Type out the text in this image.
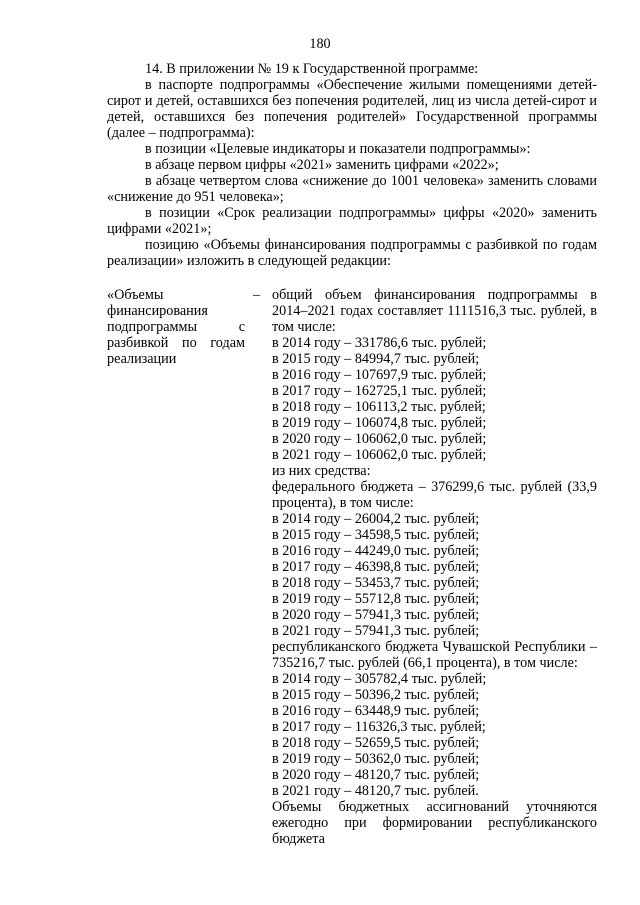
180

14. В приложении № 19 к Государственной программе:

в паспорте подпрограммы «Обеспечение жилыми помещениями детей-сирот и детей, оставшихся без попечения родителей, лиц из числа детей-сирот и детей, оставшихся без попечения родителей» Государственной программы (далее – подпрограмма):

в позиции «Целевые индикаторы и показатели подпрограммы»:

в абзаце первом цифры «2021» заменить цифрами «2022»;

в абзаце четвертом слова «снижение до 1001 человека» заменить словами «снижение до 951 человека»;

в позиции «Срок реализации подпрограммы» цифры «2020» заменить цифрами «2021»;

позицию «Объемы финансирования подпрограммы с разбивкой по годам реализации» изложить в следующей редакции:

«Объемы финансирования подпрограммы с разбивкой по годам реализации
– общий объем финансирования подпрограммы в 2014–2021 годах составляет 1111516,3 тыс. рублей, в том числе:

в 2014 году – 331786,6 тыс. рублей;
в 2015 году – 84994,7 тыс. рублей;
в 2016 году – 107697,9 тыс. рублей;
в 2017 году – 162725,1 тыс. рублей;
в 2018 году – 106113,2 тыс. рублей;
в 2019 году – 106074,8 тыс. рублей;
в 2020 году – 106062,0 тыс. рублей;
в 2021 году – 106062,0 тыс. рублей;
из них средства:

федерального бюджета – 376299,6 тыс. рублей (33,9 процента), в том числе:

в 2014 году – 26004,2 тыс. рублей;
в 2015 году – 34598,5 тыс. рублей;
в 2016 году – 44249,0 тыс. рублей;
в 2017 году – 46398,8 тыс. рублей;
в 2018 году – 53453,7 тыс. рублей;
в 2019 году – 55712,8 тыс. рублей;
в 2020 году – 57941,3 тыс. рублей;
в 2021 году – 57941,3 тыс. рублей;

республиканского бюджета Чувашской Республики – 735216,7 тыс. рублей (66,1 процента), в том числе:

в 2014 году – 305782,4 тыс. рублей;
в 2015 году – 50396,2 тыс. рублей;
в 2016 году – 63448,9 тыс. рублей;
в 2017 году – 116326,3 тыс. рублей;
в 2018 году – 52659,5 тыс. рублей;
в 2019 году – 50362,0 тыс. рублей;
в 2020 году – 48120,7 тыс. рублей;
в 2021 году – 48120,7 тыс. рублей.

Объемы бюджетных ассигнований уточняются ежегодно при формировании республиканского бюджета
